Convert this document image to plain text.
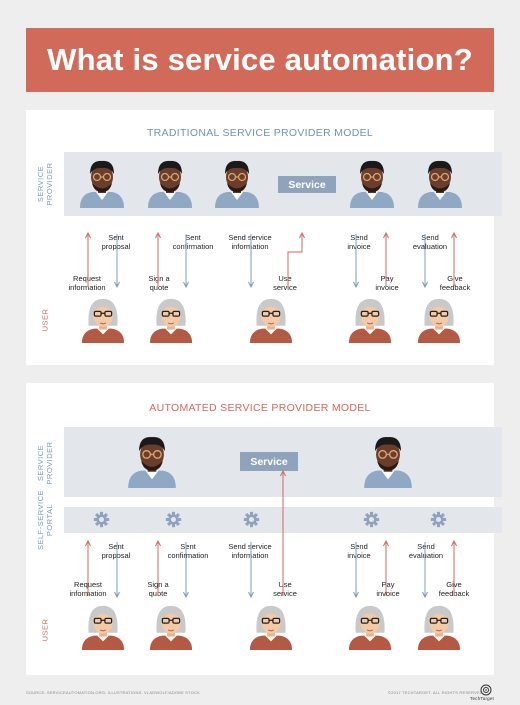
What is service automation?
TRADITIONAL SERVICE PROVIDER MODEL
SERVICE
PROVIDER
USER
Service
Sent
proposal
Sent
confirmation
Send service
information
Send
invoice
Send
evaluation
Request
information
Sign a
quote
Use
service
Pay
invoice
Give
feedback
AUTOMATED SERVICE PROVIDER MODEL
SERVICE
PROVIDER
SELF-SERVICE
PORTAL
USER
Service
Sent
proposal
Sent
confirmation
Send service
information
Send
invoice
Send
evaluation
Request
information
Sign a
quote
Use
service
Pay
invoice
Give
feedback
SOURCE: SERVICEAUTOMATION.ORG; ILLUSTRATIONS: VLADWOLF/ADOBE STOCK	©2017 TECHTARGET. ALL RIGHTS RESERVED.
TechTarget
